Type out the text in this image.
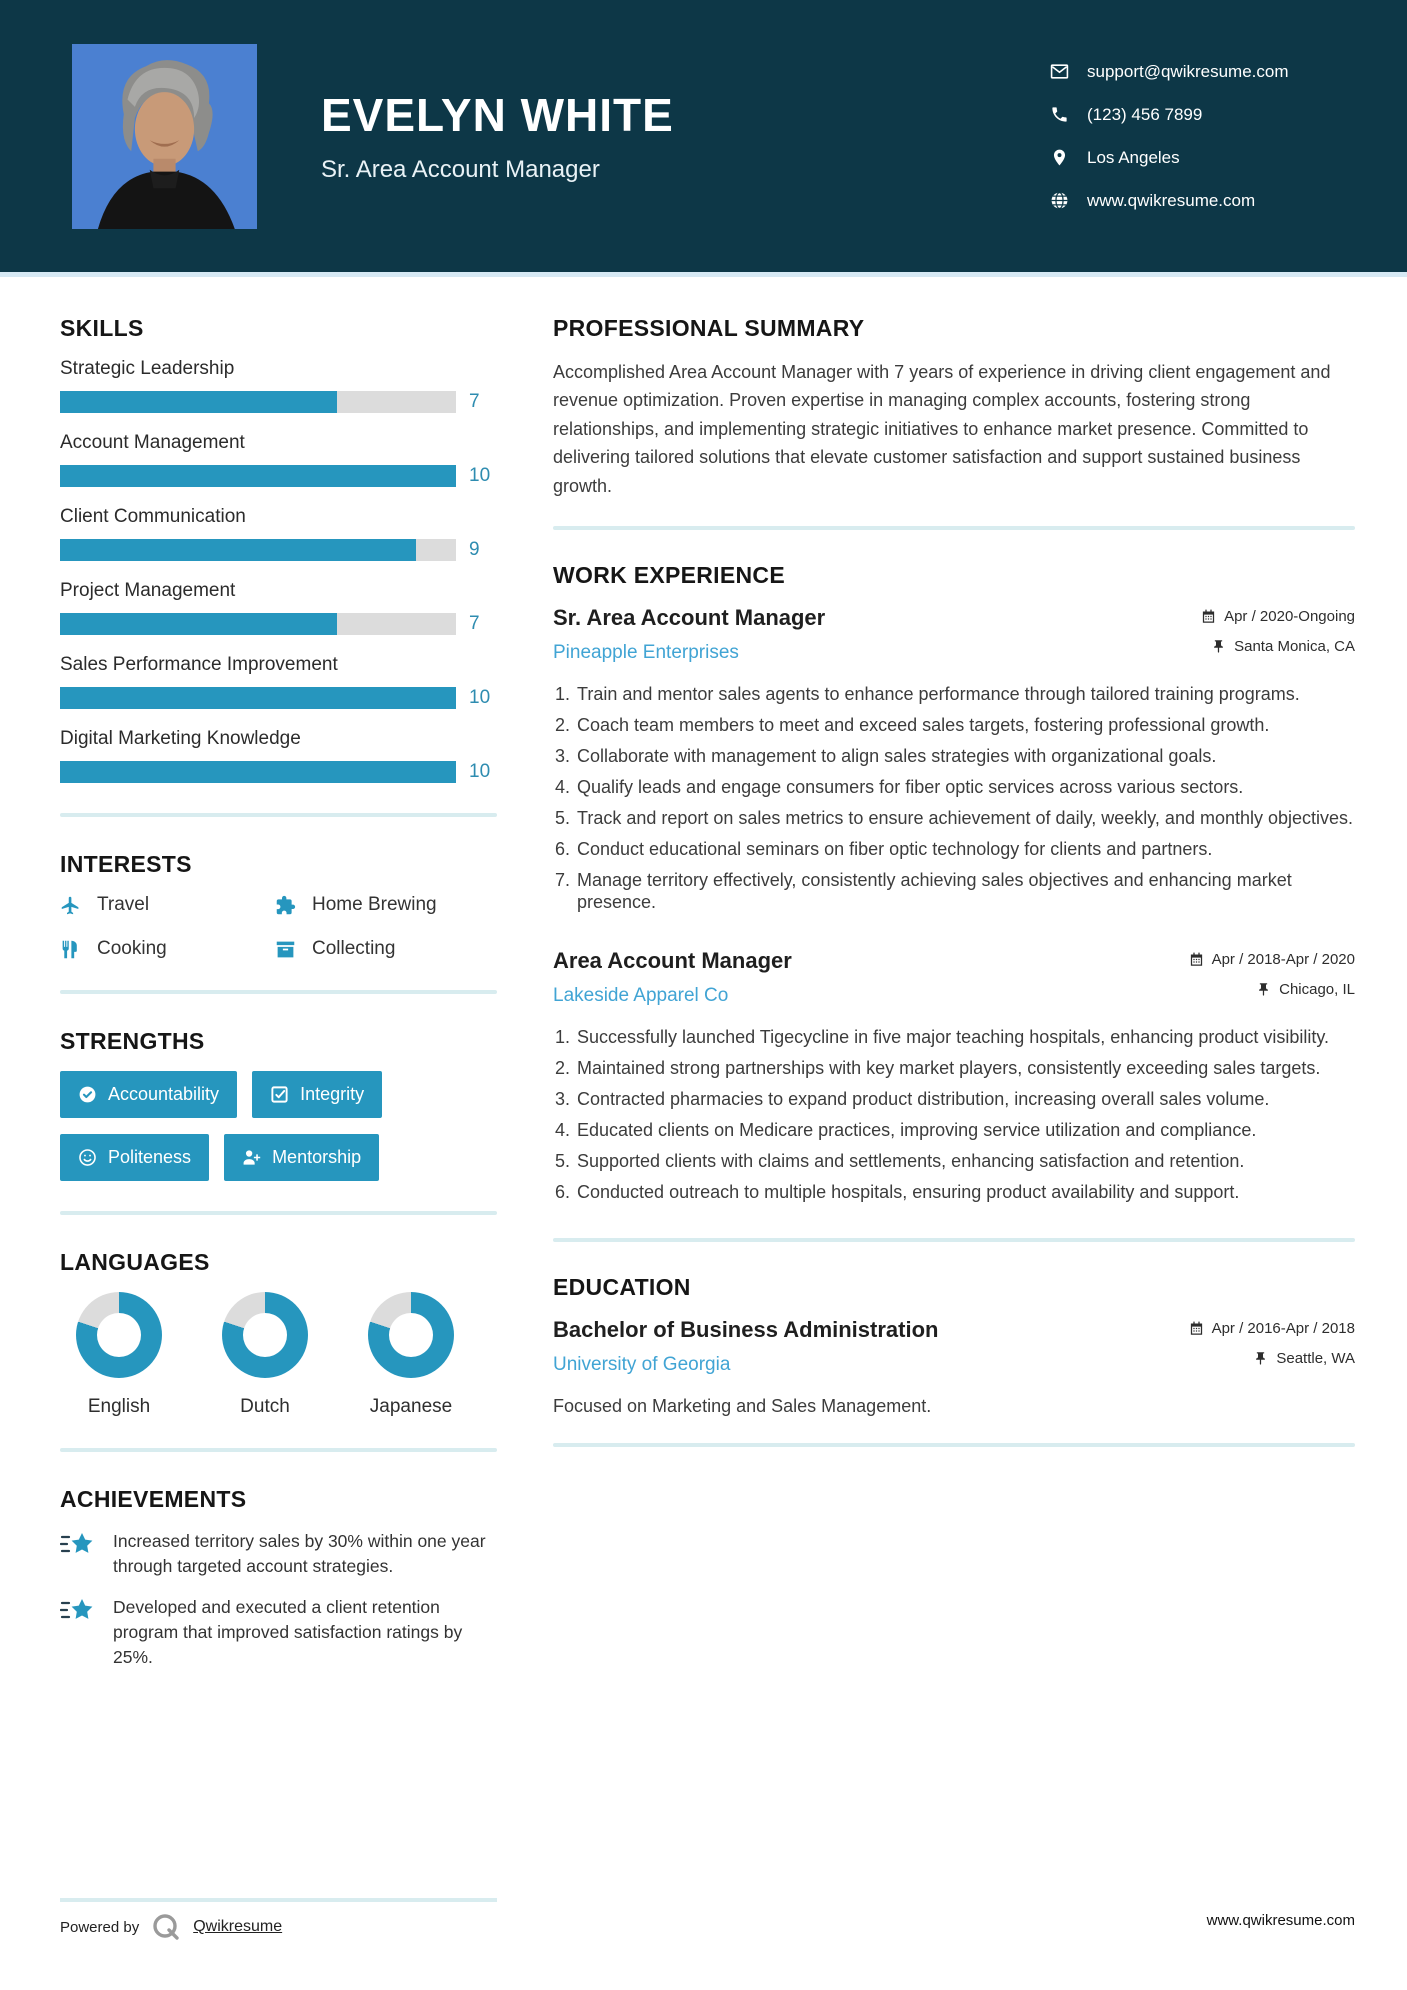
EVELYN WHITE
Sr. Area Account Manager
support@qwikresume.com
(123) 456 7899
Los Angeles
www.qwikresume.com
SKILLS
Strategic Leadership
7
Account Management
10
Client Communication
9
Project Management
7
Sales Performance Improvement
10
Digital Marketing Knowledge
10
INTERESTS
Travel	Home Brewing
Cooking	Collecting
STRENGTHS
Accountability	Integrity
Politeness	Mentorship
LANGUAGES
English	Dutch	Japanese
ACHIEVEMENTS
Increased territory sales by 30% within one year through targeted account strategies.
Developed and executed a client retention program that improved satisfaction ratings by 25%.
PROFESSIONAL SUMMARY

Accomplished Area Account Manager with 7 years of experience in driving client engagement and revenue optimization. Proven expertise in managing complex accounts, fostering strong relationships, and implementing strategic initiatives to enhance market presence. Committed to delivering tailored solutions that elevate customer satisfaction and support sustained business growth.

WORK EXPERIENCE
Sr. Area Account Manager
Pineapple Enterprises
Apr / 2020-Ongoing
Santa Monica, CA
1. Train and mentor sales agents to enhance performance through tailored training programs.
2. Coach team members to meet and exceed sales targets, fostering professional growth.
3. Collaborate with management to align sales strategies with organizational goals.
4. Qualify leads and engage consumers for fiber optic services across various sectors.
5. Track and report on sales metrics to ensure achievement of daily, weekly, and monthly objectives.
6. Conduct educational seminars on fiber optic technology for clients and partners.
7. Manage territory effectively, consistently achieving sales objectives and enhancing market presence.
Area Account Manager
Lakeside Apparel Co
Apr / 2018-Apr / 2020
Chicago, IL
1. Successfully launched Tigecycline in five major teaching hospitals, enhancing product visibility.
2. Maintained strong partnerships with key market players, consistently exceeding sales targets.
3. Contracted pharmacies to expand product distribution, increasing overall sales volume.
4. Educated clients on Medicare practices, improving service utilization and compliance.
5. Supported clients with claims and settlements, enhancing satisfaction and retention.
6. Conducted outreach to multiple hospitals, ensuring product availability and support.
EDUCATION
Bachelor of Business Administration
University of Georgia
Apr / 2016-Apr / 2018
Seattle, WA

Focused on Marketing and Sales Management.

Powered by	Qwikresume	www.qwikresume.com
